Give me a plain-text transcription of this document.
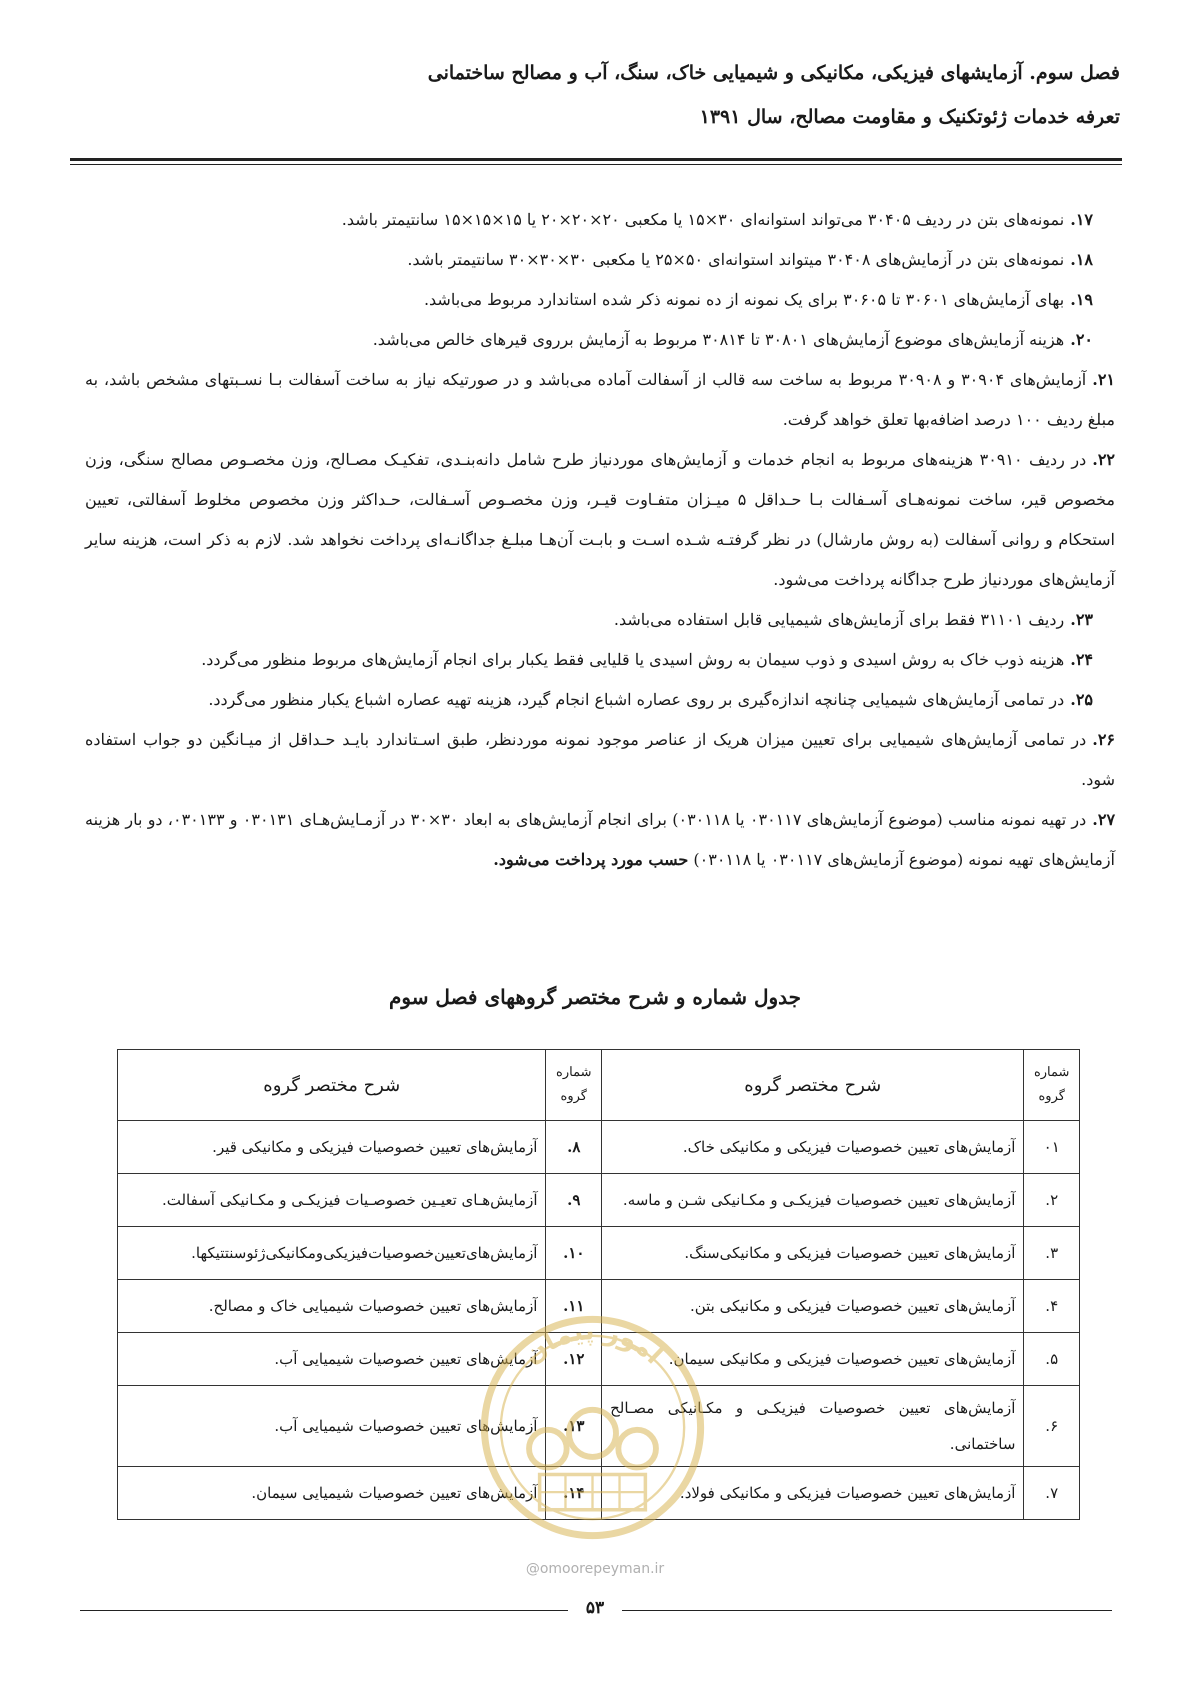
فصل سوم. آزمایشهای فیزیکی، مکانیکی و شیمیایی خاک، سنگ، آب و مصالح ساختمانی
تعرفه خدمات ژئوتکنیک و مقاومت مصالح، سال ۱۳۹۱

۱۷.نمونه‌های بتن در ردیف ۳۰۴۰۵ می‌تواند استوانه‌ای ۳۰×۱۵ یا مکعبی ۲۰×۲۰×۲۰ یا ۱۵×۱۵×۱۵ سانتیمتر باشد.

۱۸.نمونه‌های بتن در آزمایش‌های ۳۰۴۰۸ میتواند استوانه‌ای ۵۰×۲۵ یا مکعبی ۳۰×۳۰×۳۰ سانتیمتر باشد.

۱۹.بهای آزمایش‌های ۳۰۶۰۱ تا ۳۰۶۰۵ برای یک نمونه از ده نمونه ذکر شده استاندارد مربوط می‌باشد.

۲۰.هزینه آزمایش‌های موضوع آزمایش‌های ۳۰۸۰۱ تا ۳۰۸۱۴ مربوط به آزمایش برروی قیرهای خالص می‌باشد.

۲۱.آزمایش‌های ۳۰۹۰۴ و ۳۰۹۰۸ مربوط به ساخت سه قالب از آسفالت آماده می‌باشد و در صورتیکه نیاز به ساخت آسفالت بـا نسـبتهای مشخص باشد، به مبلغ ردیف ۱۰۰ درصد اضافه‌بها تعلق خواهد گرفت.

۲۲.در ردیف ۳۰۹۱۰ هزینه‌های مربوط به انجام خدمات و آزمایش‌های موردنیاز طرح شامل دانه‌بنـدی، تفکیـک مصـالح، وزن مخصـوص مصالح سنگی، وزن مخصوص قیر، ساخت نمونه‌هـای آسـفالت بـا حـداقل ۵ میـزان متفـاوت قیـر، وزن مخصـوص آسـفالت، حـداکثر وزن مخصوص مخلوط آسفالتی، تعیین استحکام و روانی آسفالت (به روش مارشال) در نظر گرفتـه شـده اسـت و بابـت آن‌هـا مبلـغ جداگانـه‌ای پرداخت نخواهد شد. لازم به ذکر است، هزینه سایر آزمایش‌های موردنیاز طرح جداگانه پرداخت می‌شود.

۲۳.ردیف ۳۱۱۰۱ فقط برای آزمایش‌های شیمیایی قابل استفاده می‌باشد.

۲۴.هزینه ذوب خاک به روش اسیدی و ذوب سیمان به روش اسیدی یا قلیایی فقط یکبار برای انجام آزمایش‌های مربوط منظور می‌گردد.

۲۵.در تمامی آزمایش‌های شیمیایی چنانچه اندازه‌گیری بر روی عصاره اشباع انجام گیرد، هزینه تهیه عصاره اشباع یکبار منظور می‌گردد.

۲۶.در تمامی آزمایش‌های شیمیایی برای تعیین میزان هریک از عناصر موجود نمونه موردنظر، طبق اسـتاندارد بایـد حـداقل از میـانگین دو جواب استفاده شود.

۲۷.در تهیه نمونه مناسب (موضوع آزمایش‌های ۰۳۰۱۱۷ یا ۰۳۰۱۱۸) برای انجام آزمایش‌های به ابعاد ۳۰×۳۰ در آزمـایش‌هـای ۰۳۰۱۳۱ و ۰۳۰۱۳۳، دو بار هزینه آزمایش‌های تهیه نمونه (موضوع آزمایش‌های ۰۳۰۱۱۷ یا ۰۳۰۱۱۸) حسب مورد پرداخت می‌شود.

جدول شماره و شرح مختصر گروههای فصل سوم
شماره گروه	شرح مختصر گروه	شماره گروه	شرح مختصر گروه
۰۱	آزمایش‌های تعیین خصوصیات فیزیکی و مکانیکی خاک.	۸.	آزمایش‌های تعیین خصوصیات فیزیکی و مکانیکی قیر.
۲.	آزمایش‌های تعیین خصوصیات فیزیکـی و مکـانیکی شـن و ماسه.	۹.	آزمایش‌هـای تعیـین خصوصـیات فیزیکـی و مکـانیکی آسفالت.
۳.	آزمایش‌های تعیین خصوصیات فیزیکی و مکانیکی‌سنگ.	۱۰.	آزمایش‌های‌تعیین‌خصوصیات‌فیزیکی‌ومکانیکی‌ژئوسنتتیکها.
۴.	آزمایش‌های تعیین خصوصیات فیزیکی و مکانیکی بتن.	۱۱.	آزمایش‌های تعیین خصوصیات شیمیایی خاک و مصالح.
۵.	آزمایش‌های تعیین خصوصیات فیزیکی و مکانیکی سیمان.	۱۲.	آزمایش‌های تعیین خصوصیات شیمیایی آب.
۶.	آزمایش‌های تعیین خصوصیات فیزیکـی و مکـانیکی مصـالح ساختمانی.	۱۳.	آزمایش‌های تعیین خصوصیات شیمیایی آب.
۷.	آزمایش‌های تعیین خصوصیات فیزیکی و مکانیکی فولاد.	۱۴.	آزمایش‌های تعیین خصوصیات شیمیایی سیمان.
امور پیمان
@omoorepeyman.ir
۵۳
